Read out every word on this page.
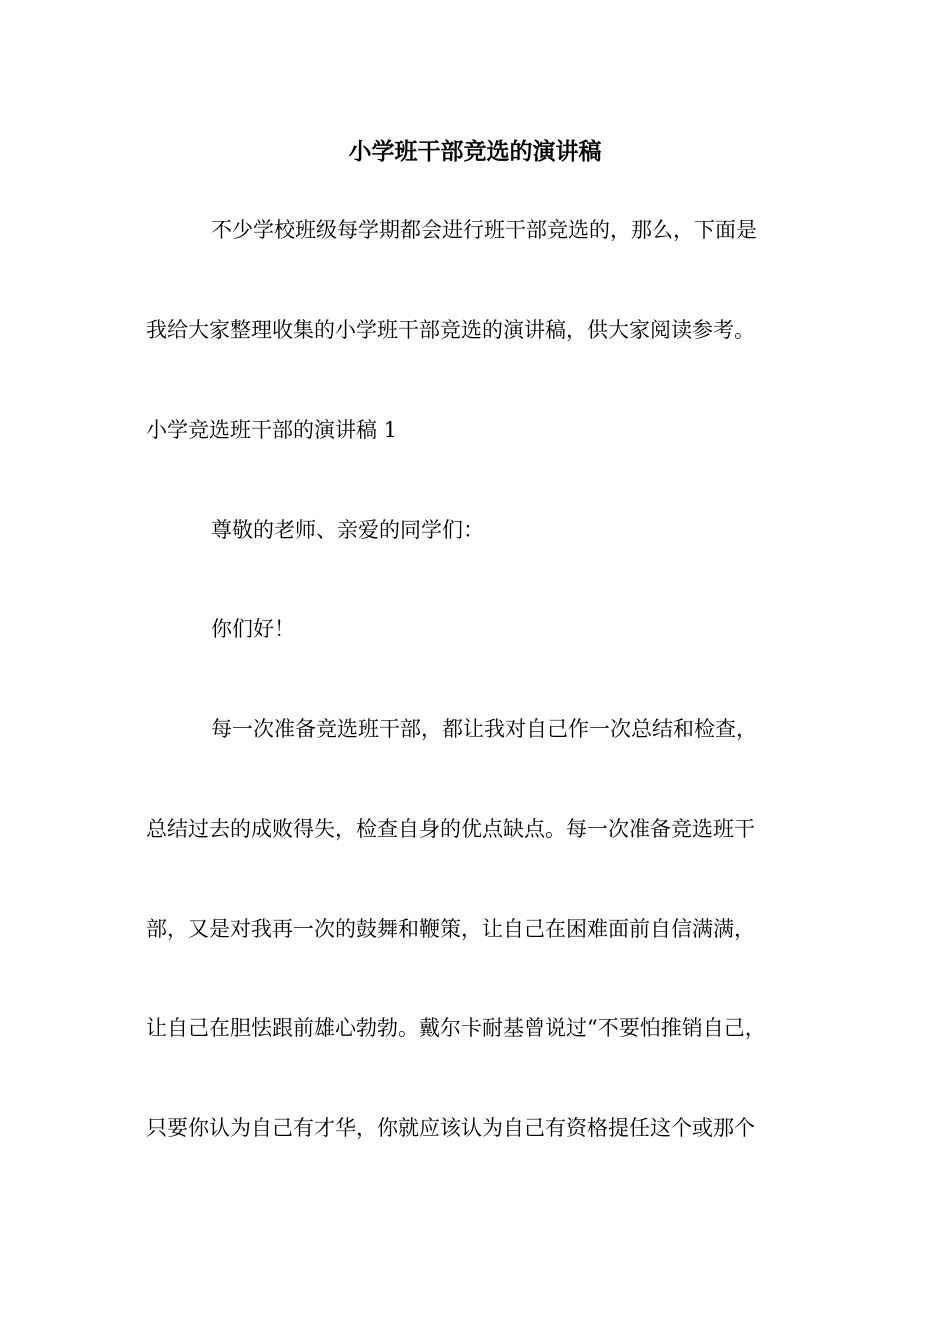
小学班干部竞选的演讲稿
不少学校班级每学期都会进行班干部竞选的，那么，下面是
我给大家整理收集的小学班干部竞选的演讲稿，供大家阅读参考。
小学竞选班干部的演讲稿 1
尊敬的老师、亲爱的同学们：
你们好！
每一次准备竞选班干部，都让我对自己作一次总结和检查，
总结过去的成败得失，检查自身的优点缺点。每一次准备竞选班干
部，又是对我再一次的鼓舞和鞭策，让自己在困难面前自信满满，
让自己在胆怯跟前雄心勃勃。戴尔卡耐基曾说过“不要怕推销自己，
只要你认为自己有才华，你就应该认为自己有资格提任这个或那个
